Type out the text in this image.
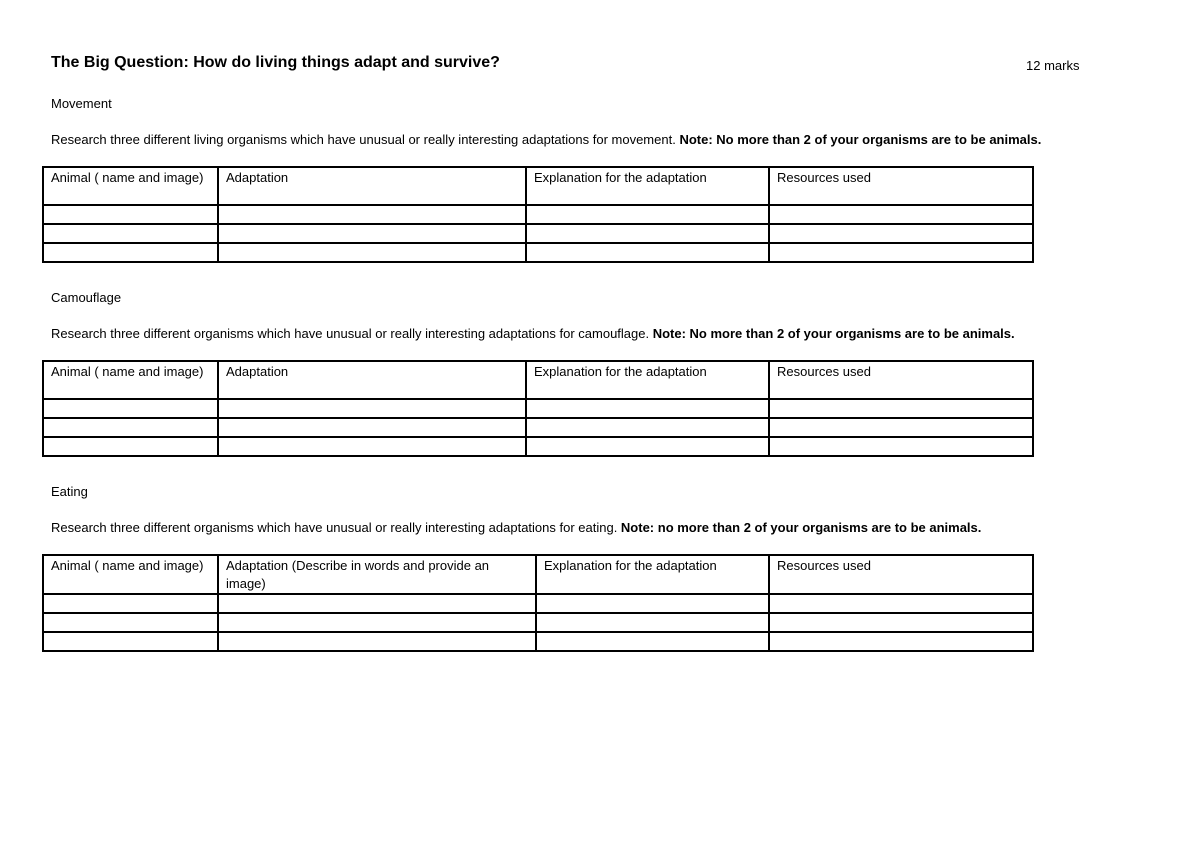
The Big Question: How do living things adapt and survive?	12 marks
Movement
Research three different living organisms which have unusual or really interesting adaptations for movement. Note: No more than 2 of your organisms are to be animals.
Animal ( name and image)	Adaptation	Explanation for the adaptation	Resources used

Camouflage
Research three different organisms which have unusual or really interesting adaptations for camouflage. Note: No more than 2 of your organisms are to be animals.
Animal ( name and image)	Adaptation	Explanation for the adaptation	Resources used

Eating
Research three different organisms which have unusual or really interesting adaptations for eating. Note: no more than 2 of your organisms are to be animals.
Animal ( name and image)	Adaptation (Describe in words and provide an image)	Explanation for the adaptation	Resources used
